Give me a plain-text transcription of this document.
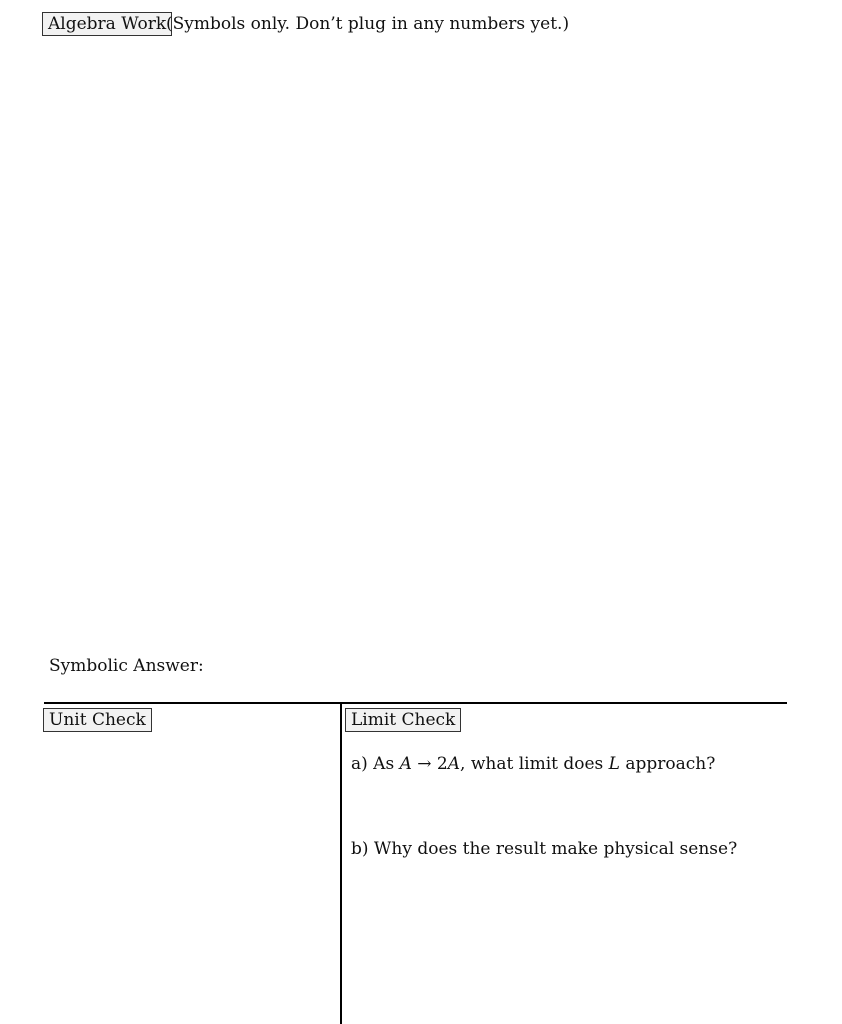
Algebra Work (Symbols only. Don’t plug in any numbers yet.)
Symbolic Answer:
Unit Check	Limit Check
a) As A → 2A, what limit does L approach?
b) Why does the result make physical sense?
